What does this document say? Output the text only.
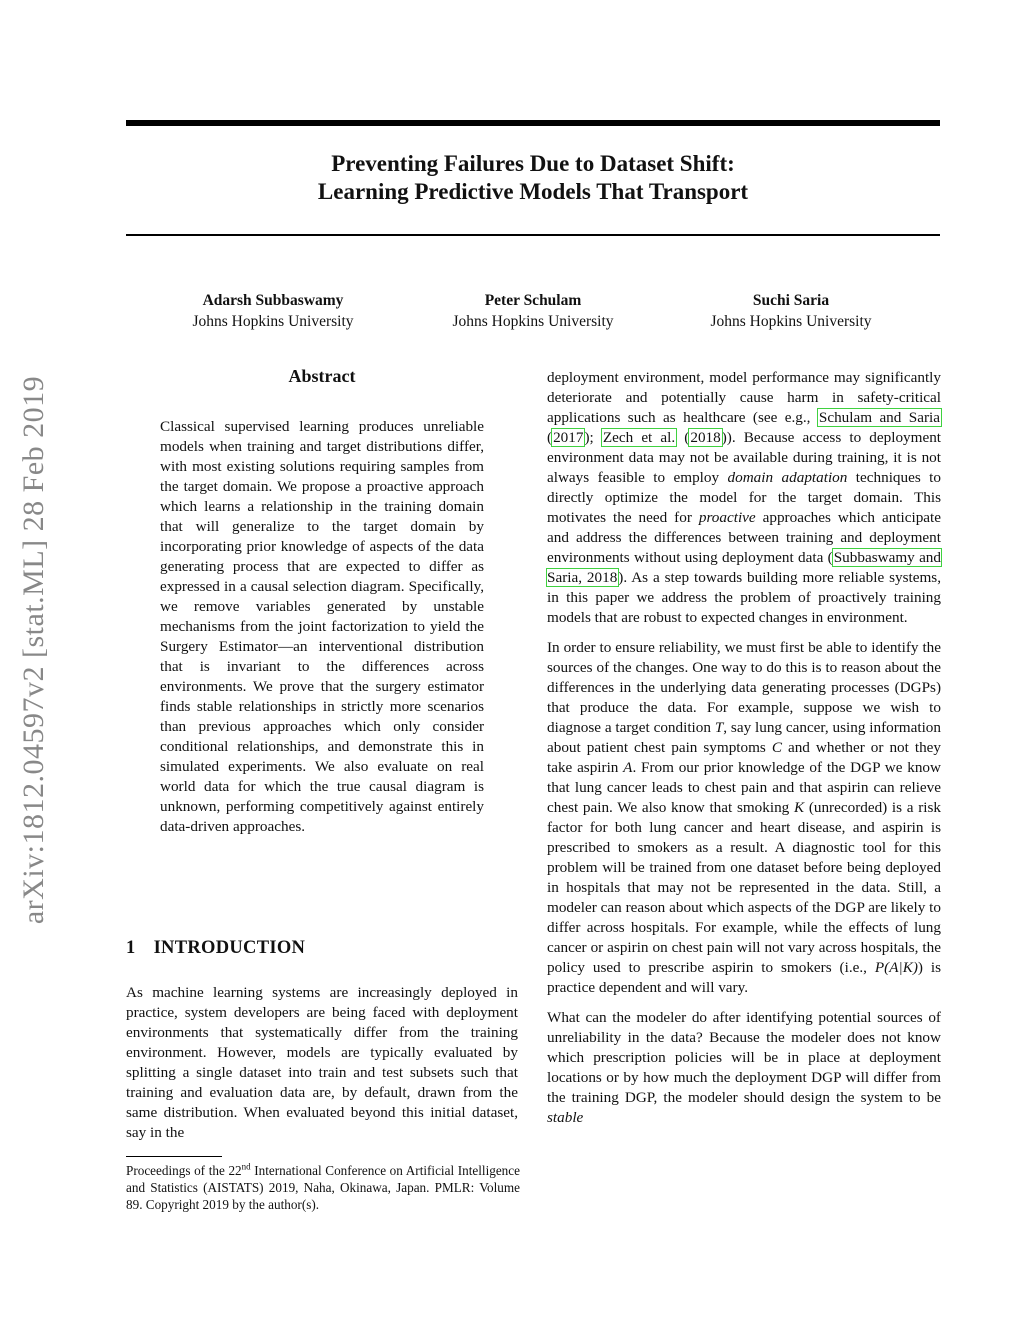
arXiv:1812.04597v2 [stat.ML] 28 Feb 2019
Preventing Failures Due to Dataset Shift:
Learning Predictive Models That Transport
Adarsh Subbaswamy
Johns Hopkins University
Peter Schulam
Johns Hopkins University
Suchi Saria
Johns Hopkins University
Abstract
Classical supervised learning produces unreliable models when training and target distributions differ, with most existing solutions requiring samples from the target domain. We propose a proactive approach which learns a relationship in the training domain that will generalize to the target domain by incorporating prior knowledge of aspects of the data generating process that are expected to differ as expressed in a causal selection diagram. Specifically, we remove variables generated by unstable mechanisms from the joint factorization to yield the Surgery Estimator—an interventional distribution that is invariant to the differences across environments. We prove that the surgery estimator finds stable relationships in strictly more scenarios than previous approaches which only consider conditional relationships, and demonstrate this in simulated experiments. We also evaluate on real world data for which the true causal diagram is unknown, performing competitively against entirely data-driven approaches.
1 INTRODUCTION
As machine learning systems are increasingly deployed in practice, system developers are being faced with deployment environments that systematically differ from the training environment. However, models are typically evaluated by splitting a single dataset into train and test subsets such that training and evaluation data are, by default, drawn from the same distribution. When evaluated beyond this initial dataset, say in the
Proceedings of the 22nd International Conference on Artificial Intelligence and Statistics (AISTATS) 2019, Naha, Okinawa, Japan. PMLR: Volume 89. Copyright 2019 by the author(s).

deployment environment, model performance may significantly deteriorate and potentially cause harm in safety-critical applications such as healthcare (see e.g., Schulam and Saria (2017); Zech et al. (2018)). Because access to deployment environment data may not be available during training, it is not always feasible to employ domain adaptation techniques to directly optimize the model for the target domain. This motivates the need for proactive approaches which anticipate and address the differences between training and deployment environments without using deployment data (Subbaswamy and Saria, 2018). As a step towards building more reliable systems, in this paper we address the problem of proactively training models that are robust to expected changes in environment.

In order to ensure reliability, we must first be able to identify the sources of the changes. One way to do this is to reason about the differences in the underlying data generating processes (DGPs) that produce the data. For example, suppose we wish to diagnose a target condition T, say lung cancer, using information about patient chest pain symptoms C and whether or not they take aspirin A. From our prior knowledge of the DGP we know that lung cancer leads to chest pain and that aspirin can relieve chest pain. We also know that smoking K (unrecorded) is a risk factor for both lung cancer and heart disease, and aspirin is prescribed to smokers as a result. A diagnostic tool for this problem will be trained from one dataset before being deployed in hospitals that may not be represented in the data. Still, a modeler can reason about which aspects of the DGP are likely to differ across hospitals. For example, while the effects of lung cancer or aspirin on chest pain will not vary across hospitals, the policy used to prescribe aspirin to smokers (i.e., P(A|K)) is practice dependent and will vary.

What can the modeler do after identifying potential sources of unreliability in the data? Because the modeler does not know which prescription policies will be in place at deployment locations or by how much the deployment DGP will differ from the training DGP, the modeler should design the system to be stable
